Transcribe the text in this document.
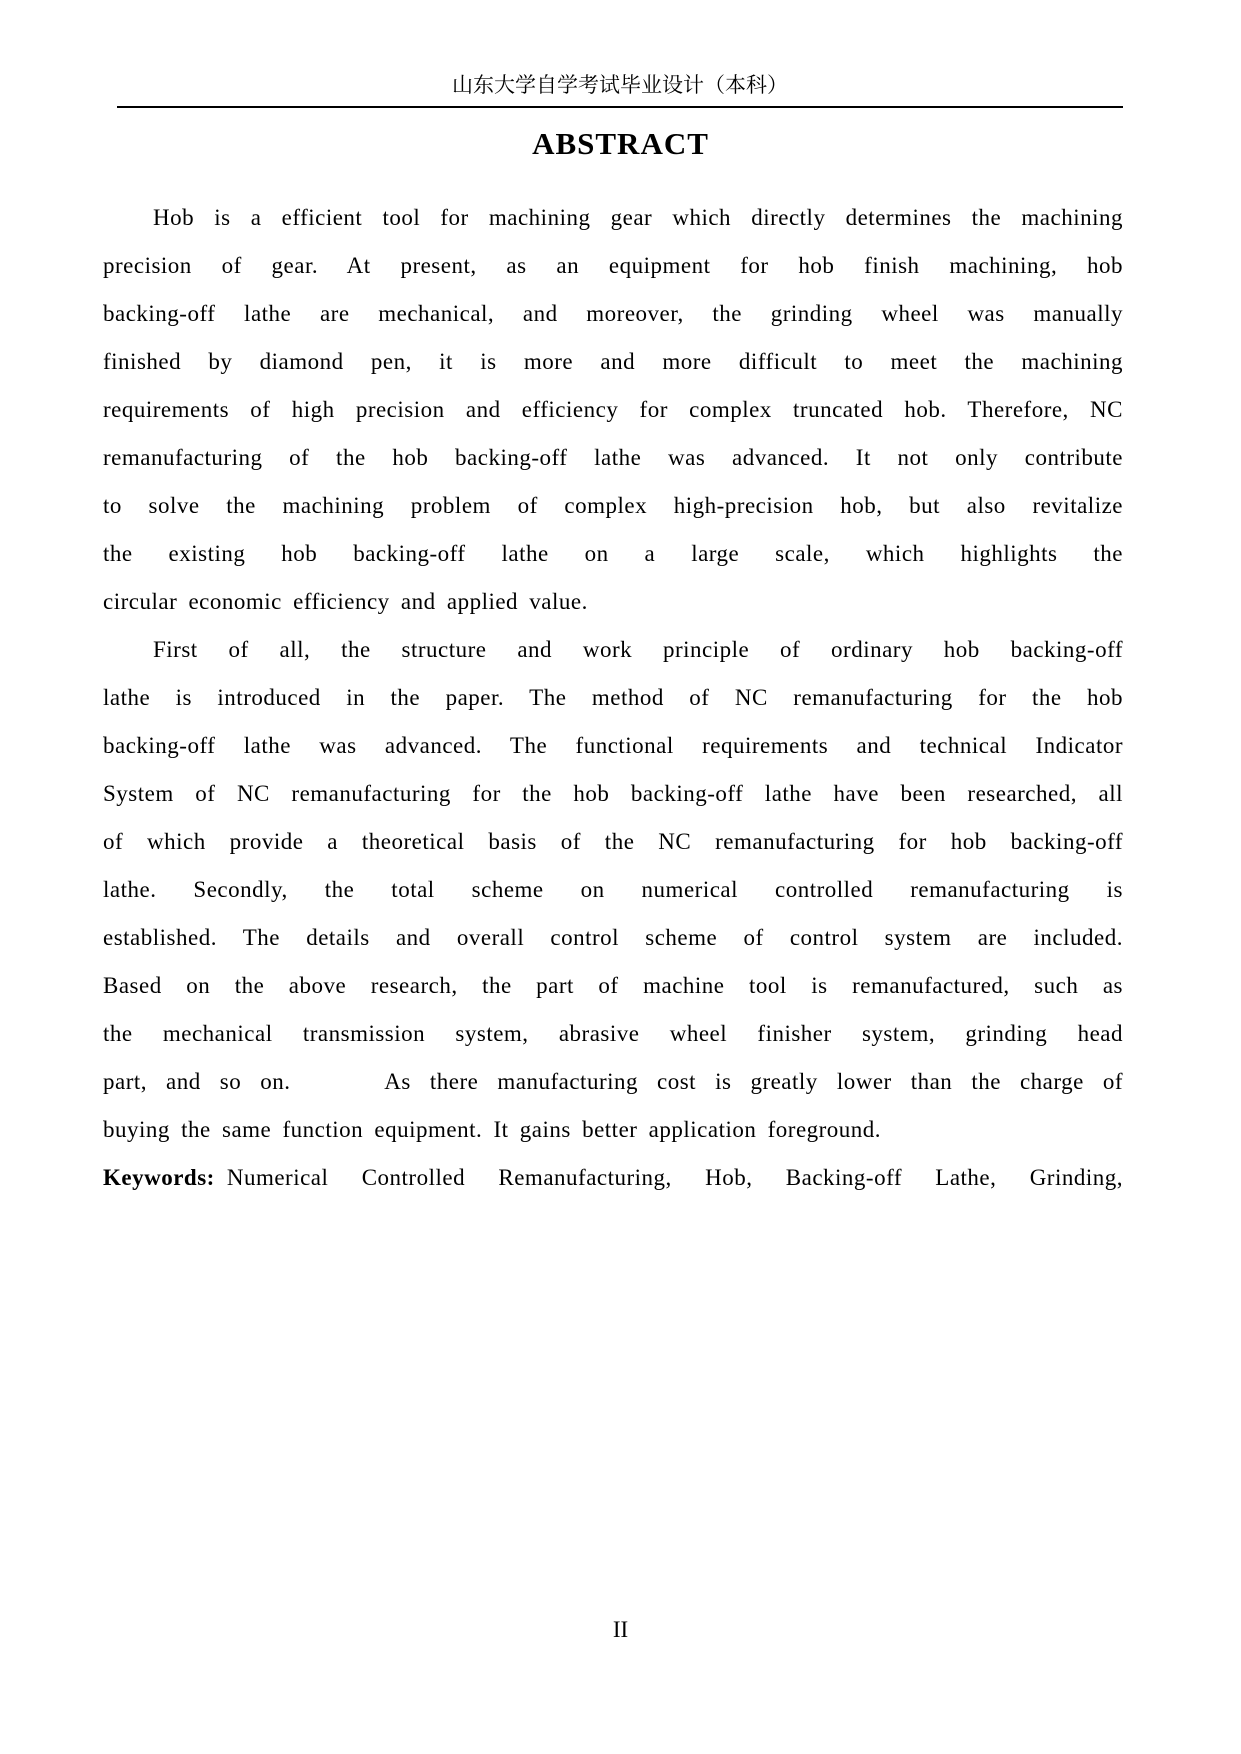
山东大学自学考试毕业设计（本科）
ABSTRACT
Hob is a efficient tool for machining gear which directly determines the machining
precision of gear. At present, as an equipment for hob finish machining, hob
backing-off lathe are mechanical, and moreover, the grinding wheel was manually
finished by diamond pen, it is more and more difficult to meet the machining
requirements of high precision and efficiency for complex truncated hob. Therefore, NC
remanufacturing of the hob backing-off lathe was advanced. It not only contribute
to solve the machining problem of complex high-precision hob, but also revitalize
the existing hob backing-off lathe on a large scale, which highlights the
circular economic efficiency and applied value.
First of all, the structure and work principle of ordinary hob backing-off
lathe is introduced in the paper. The method of NC remanufacturing for the hob
backing-off lathe was advanced. The functional requirements and technical Indicator
System of NC remanufacturing for the hob backing-off lathe have been researched, all
of which provide a theoretical basis of the NC remanufacturing for hob backing-off
lathe. Secondly, the total scheme on numerical controlled remanufacturing is
established. The details and overall control scheme of control system are included.
Based on the above research, the part of machine tool is remanufactured, such as
the mechanical transmission system, abrasive wheel finisher system, grinding head
part, and so on.     As there manufacturing cost is greatly lower than the charge of
buying the same function equipment. It gains better application foreground.
Keywords: Numerical Controlled Remanufacturing, Hob, Backing-off Lathe, Grinding,
II
